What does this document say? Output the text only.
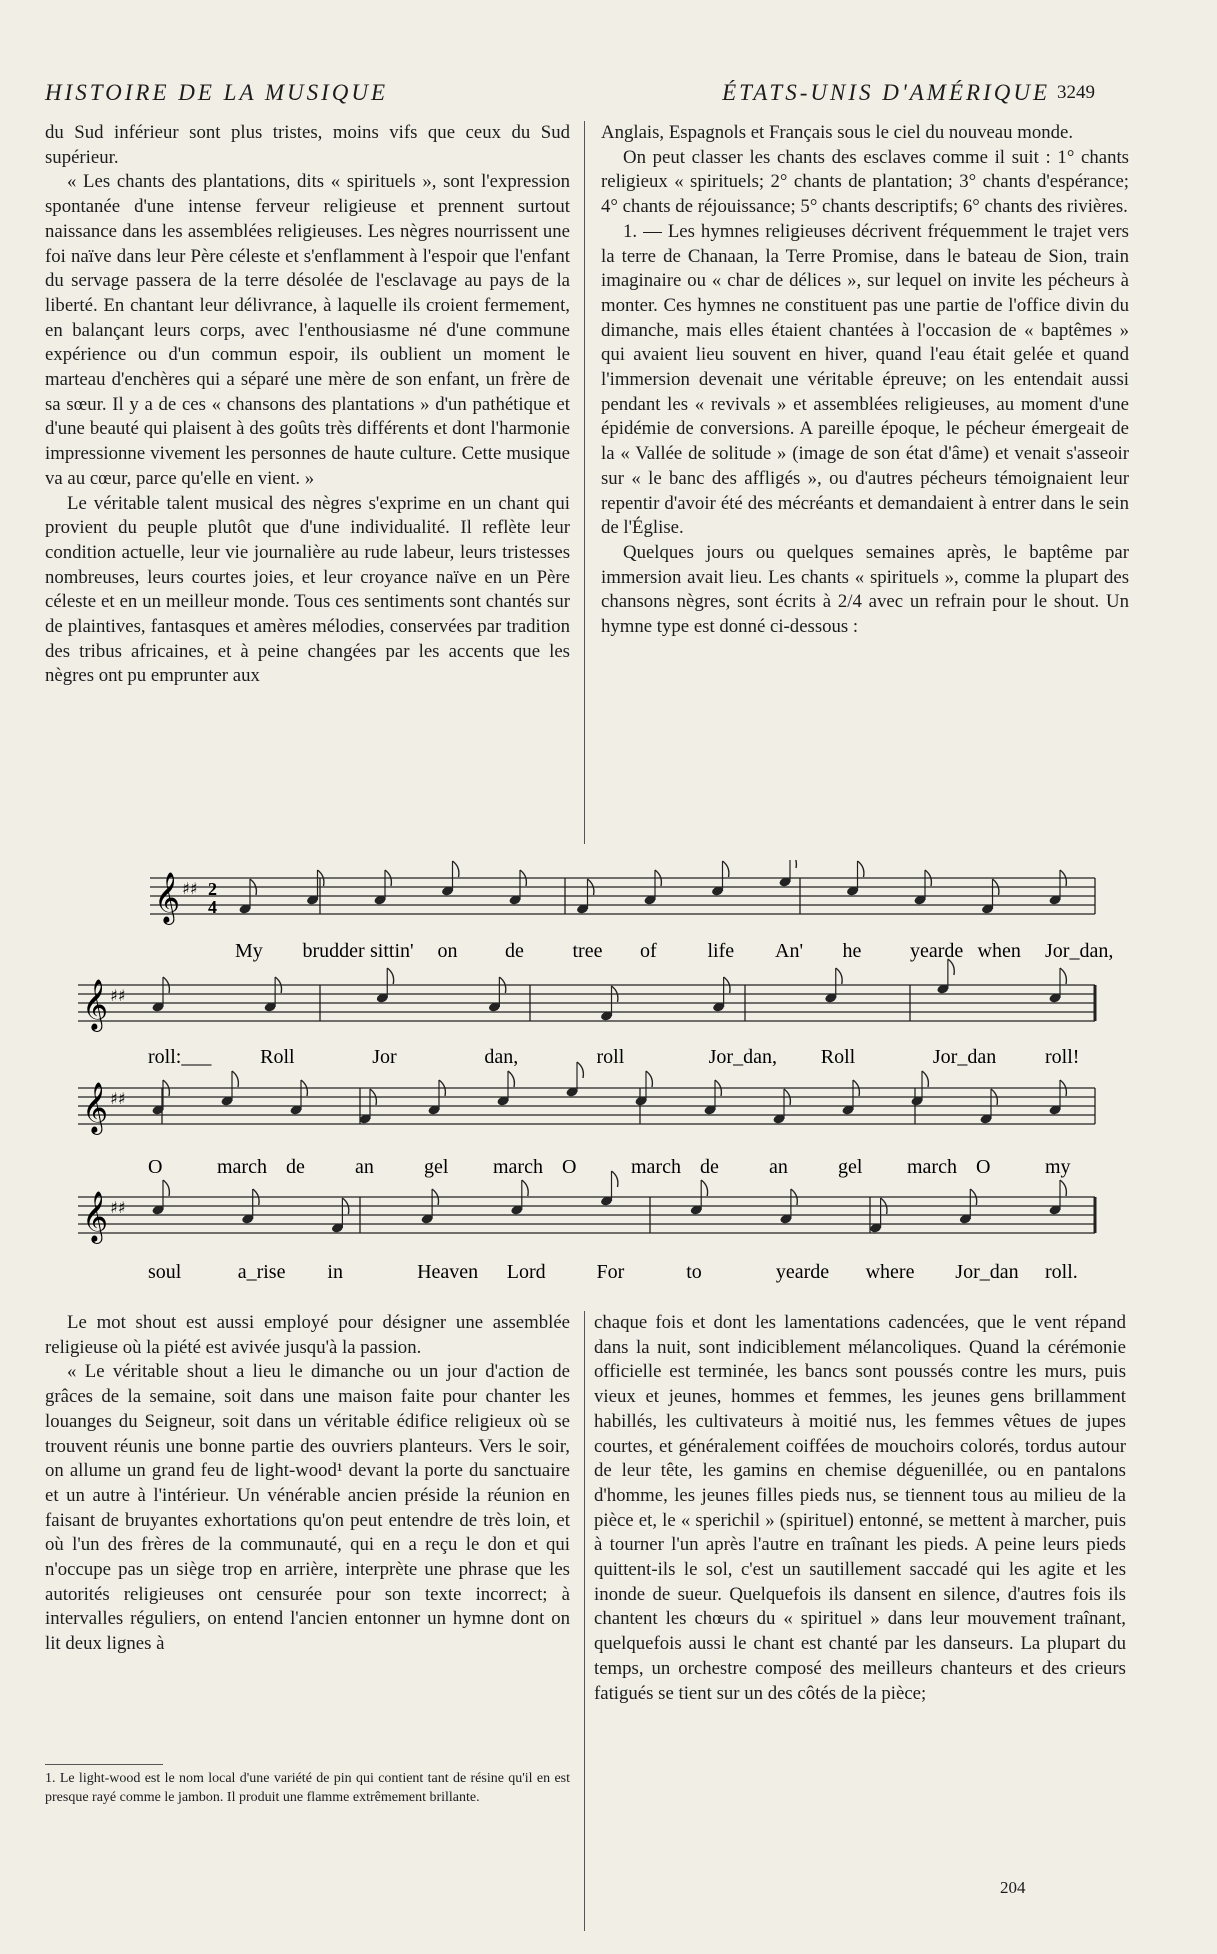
HISTOIRE DE LA MUSIQUE	ÉTATS-UNIS D'AMÉRIQUE 3249

du Sud inférieur sont plus tristes, moins vifs que ceux du Sud supérieur.

« Les chants des plantations, dits « spirituels », sont l'expression spontanée d'une intense ferveur religieuse et prennent surtout naissance dans les assemblées religieuses. Les nègres nourrissent une foi naïve dans leur Père céleste et s'enflamment à l'espoir que l'enfant du servage passera de la terre désolée de l'esclavage au pays de la liberté. En chantant leur délivrance, à laquelle ils croient fermement, en balançant leurs corps, avec l'enthousiasme né d'une commune expérience ou d'un commun espoir, ils oublient un moment le marteau d'enchères qui a séparé une mère de son enfant, un frère de sa sœur. Il y a de ces « chansons des plantations » d'un pathétique et d'une beauté qui plaisent à des goûts très différents et dont l'harmonie impressionne vivement les personnes de haute culture. Cette musique va au cœur, parce qu'elle en vient. »

Le véritable talent musical des nègres s'exprime en un chant qui provient du peuple plutôt que d'une individualité. Il reflète leur condition actuelle, leur vie journalière au rude labeur, leurs tristesses nombreuses, leurs courtes joies, et leur croyance naïve en un Père céleste et en un meilleur monde. Tous ces sentiments sont chantés sur de plaintives, fantasques et amères mélodies, conservées par tradition des tribus africaines, et à peine changées par les accents que les nègres ont pu emprunter aux

Anglais, Espagnols et Français sous le ciel du nouveau monde.

On peut classer les chants des esclaves comme il suit : 1° chants religieux « spirituels; 2° chants de plantation; 3° chants d'espérance; 4° chants de réjouissance; 5° chants descriptifs; 6° chants des rivières.

1. — Les hymnes religieuses décrivent fréquemment le trajet vers la terre de Chanaan, la Terre Promise, dans le bateau de Sion, train imaginaire ou « char de délices », sur lequel on invite les pécheurs à monter. Ces hymnes ne constituent pas une partie de l'office divin du dimanche, mais elles étaient chantées à l'occasion de « baptêmes » qui avaient lieu souvent en hiver, quand l'eau était gelée et quand l'immersion devenait une véritable épreuve; on les entendait aussi pendant les « revivals » et assemblées religieuses, au moment d'une épidémie de conversions. A pareille époque, le pécheur émergeait de la « Vallée de solitude » (image de son état d'âme) et venait s'asseoir sur « le banc des affligés », ou d'autres pécheurs témoignaient leur repentir d'avoir été des mécréants et demandaient à entrer dans le sein de l'Église.

Quelques jours ou quelques semaines après, le baptême par immersion avait lieu. Les chants « spirituels », comme la plupart des chansons nègres, sont écrits à 2/4 avec un refrain pour le shout. Un hymne type est donné ci-dessous :

𝄞 ♯♯ 2
4
𝄞 ♯♯
𝄞 ♯♯
𝄞 ♯♯
My brudder sittin' on de tree of	life An' he yearde when Jor_dan,
roll:___ Roll	Jor	dan,	roll	Jor_dan, Roll	Jor_dan roll!
O	march de	an	gel march O	march de	an	gel march O	my
soul	a_rise in	Heaven Lord	For	to	yearde where Jor_dan roll.

Le mot shout est aussi employé pour désigner une assemblée religieuse où la piété est avivée jusqu'à la passion.

« Le véritable shout a lieu le dimanche ou un jour d'action de grâces de la semaine, soit dans une maison faite pour chanter les louanges du Seigneur, soit dans un véritable édifice religieux où se trouvent réunis une bonne partie des ouvriers planteurs. Vers le soir, on allume un grand feu de light-wood¹ devant la porte du sanctuaire et un autre à l'intérieur. Un vénérable ancien préside la réunion en faisant de bruyantes exhortations qu'on peut entendre de très loin, et où l'un des frères de la communauté, qui en a reçu le don et qui n'occupe pas un siège trop en arrière, interprète une phrase que les autorités religieuses ont censurée pour son texte incorrect; à intervalles réguliers, on entend l'ancien entonner un hymne dont on lit deux lignes à

chaque fois et dont les lamentations cadencées, que le vent répand dans la nuit, sont indiciblement mélancoliques. Quand la cérémonie officielle est terminée, les bancs sont poussés contre les murs, puis vieux et jeunes, hommes et femmes, les jeunes gens brillamment habillés, les cultivateurs à moitié nus, les femmes vêtues de jupes courtes, et généralement coiffées de mouchoirs colorés, tordus autour de leur tête, les gamins en chemise déguenillée, ou en pantalons d'homme, les jeunes filles pieds nus, se tiennent tous au milieu de la pièce et, le « sperichil » (spirituel) entonné, se mettent à marcher, puis à tourner l'un après l'autre en traînant les pieds. A peine leurs pieds quittent-ils le sol, c'est un sautillement saccadé qui les agite et les inonde de sueur. Quelquefois ils dansent en silence, d'autres fois ils chantent les chœurs du « spirituel » dans leur mouvement traînant, quelquefois aussi le chant est chanté par les danseurs. La plupart du temps, un orchestre composé des meilleurs chanteurs et des crieurs fatigués se tient sur un des côtés de la pièce;

1. Le light-wood est le nom local d'une variété de pin qui contient tant de résine qu'il en est presque rayé comme le jambon. Il produit une flamme extrêmement brillante.
204
